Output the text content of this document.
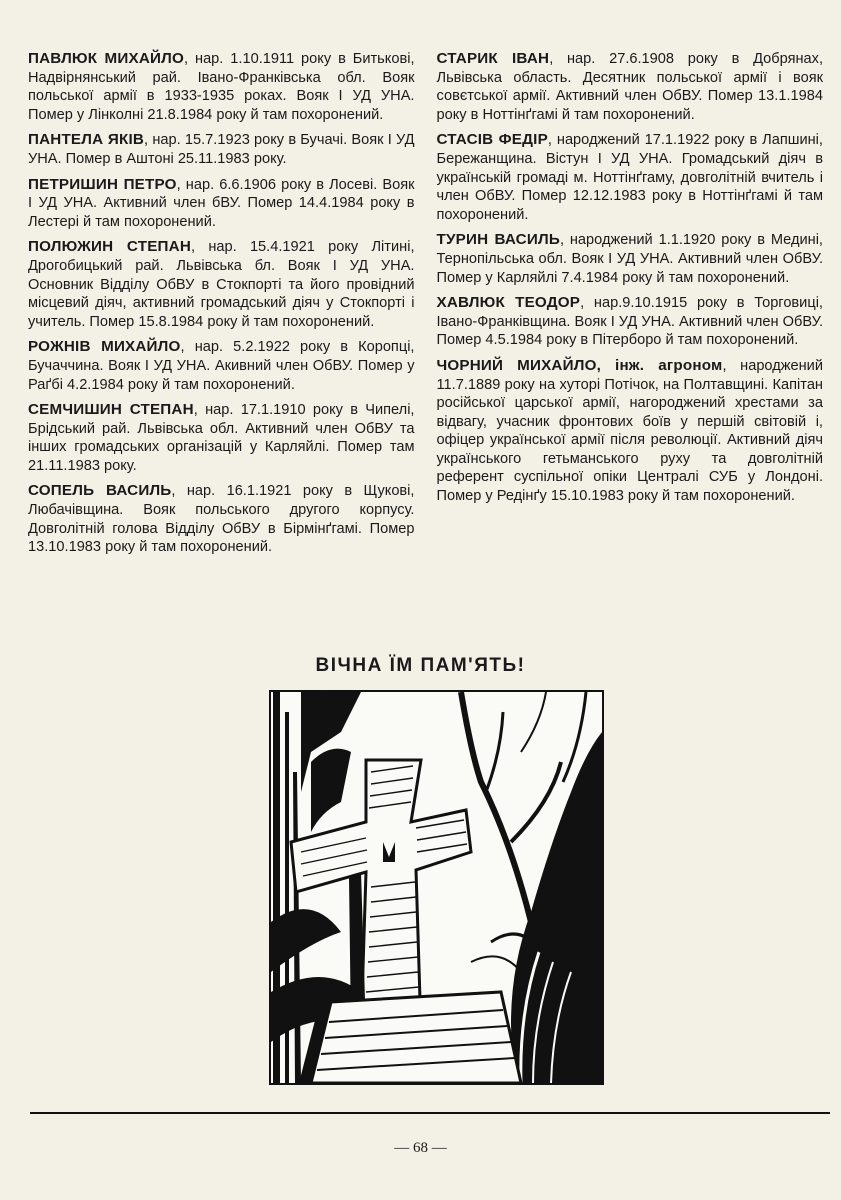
ПАВЛЮК МИХАЙЛО, нар. 1.10.1911 року в Битькові, Надвірнянський рай. Івано-Франківська обл. Вояк польської армії в 1933-1935 роках. Вояк І УД УНА. Помер у Лінколні 21.8.1984 року й там похоронений.

ПАНТЕЛА ЯКІВ, нар. 15.7.1923 року в Бучачі. Вояк І УД УНА. Помер в Аштоні 25.11.1983 року.

ПЕТРИШИН ПЕТРО, нар. 6.6.1906 року в Лосеві. Вояк І УД УНА. Активний член бВУ. Помер 14.4.1984 року в Лестері й там похоронений.

ПОЛЮЖИН СТЕПАН, нар. 15.4.1921 року Літині, Дрогобицький рай. Львівська бл. Вояк І УД УНА. Основник Відділу ОбВУ в Стокпорті та його провідний місцевий діяч, активний громадський діяч у Стокпорті і учитель. Помер 15.8.1984 року й там похоронений.

РОЖНІВ МИХАЙЛО, нар. 5.2.1922 року в Коропці, Бучаччина. Вояк І УД УНА. Акивний член ОбВУ. Помер у Раґбі 4.2.1984 року й там похоронений.

СЕМЧИШИН СТЕПАН, нар. 17.1.1910 року в Чипелі, Брідський рай. Львівська обл. Активний член ОбВУ та інших громадських організацій у Карляйлі. Помер там 21.11.1983 року.

СОПЕЛЬ ВАСИЛЬ, нар. 16.1.1921 року в Щукові, Любачівщина. Вояк польського другого корпусу. Довголітній голова Відділу ОбВУ в Бірмінґгамі. Помер 13.10.1983 року й там похоронений.

СТАРИК ІВАН, нар. 27.6.1908 року в Добрянах, Львівська область. Десятник польської армії і вояк совєтської армії. Активний член ОбВУ. Помер 13.1.1984 року в Ноттінґгамі й там похоронений.

СТАСІВ ФЕДІР, народжений 17.1.1922 року в Лапшині, Бережанщина. Вістун І УД УНА. Громадський діяч в українській громаді м. Ноттінґгаму, довголітній вчитель і член ОбВУ. Помер 12.12.1983 року в Ноттінґгамі й там похоронений.

ТУРИН ВАСИЛЬ, народжений 1.1.1920 року в Медині, Тернопільська обл. Вояк І УД УНА. Активний член ОбВУ. Помер у Карляйлі 7.4.1984 року й там похоронений.

ХАВЛЮК ТЕОДОР, нар.9.10.1915 року в Торговиці, Івано-Франківщина. Вояк І УД УНА. Активний член ОбВУ. Помер 4.5.1984 року в Пітерборо й там похоронений.

ЧОРНИЙ МИХАЙЛО, інж. агроном, народжений 11.7.1889 року на хуторі Потічок, на Полтавщині. Капітан російської царської армії, нагороджений хрестами за відвагу, учасник фронтових боїв у першій світовій і, офіцер української армії після революції. Активний діяч українського гетьманського руху та довголітній референт суспільної опіки Централі СУБ у Лондоні. Помер у Редінґу 15.10.1983 року й там похоронений.

ВІЧНА ЇМ ПАМ'ЯТЬ!
— 68 —
